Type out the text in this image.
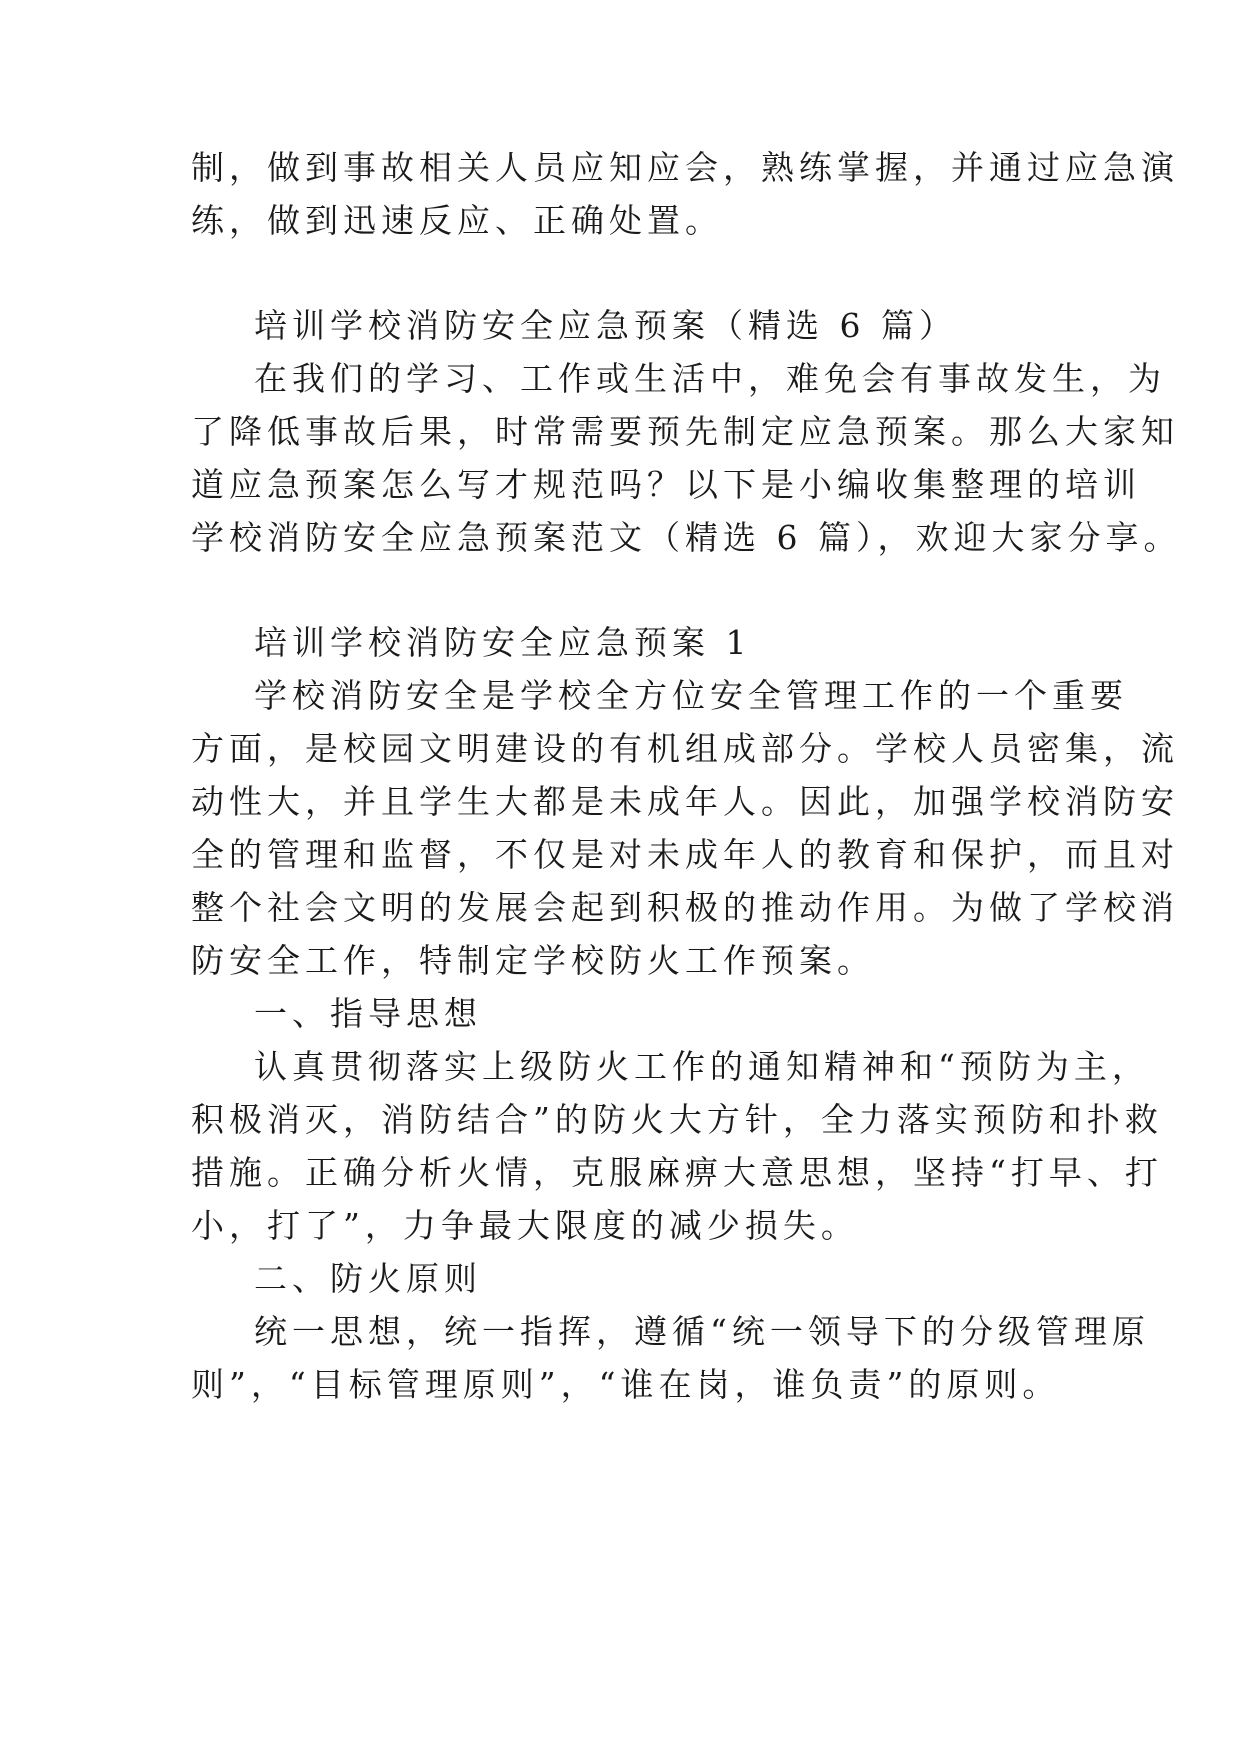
制，做到事故相关人员应知应会，熟练掌握，并通过应急演
练，做到迅速反应、正确处置。
培训学校消防安全应急预案（精选 6 篇）
在我们的学习、工作或生活中，难免会有事故发生，为
了降低事故后果，时常需要预先制定应急预案。那么大家知
道应急预案怎么写才规范吗？以下是小编收集整理的培训
学校消防安全应急预案范文（精选 6 篇），欢迎大家分享。
培训学校消防安全应急预案 1
学校消防安全是学校全方位安全管理工作的一个重要
方面，是校园文明建设的有机组成部分。学校人员密集，流
动性大，并且学生大都是未成年人。因此，加强学校消防安
全的管理和监督，不仅是对未成年人的教育和保护，而且对
整个社会文明的发展会起到积极的推动作用。为做了学校消
防安全工作，特制定学校防火工作预案。
一、指导思想
认真贯彻落实上级防火工作的通知精神和“预防为主，
积极消灭，消防结合”的防火大方针，全力落实预防和扑救
措施。正确分析火情，克服麻痹大意思想，坚持“打早、打
小，打了”，力争最大限度的减少损失。
二、防火原则
统一思想，统一指挥，遵循“统一领导下的分级管理原
则”，“目标管理原则”，“谁在岗，谁负责”的原则。
